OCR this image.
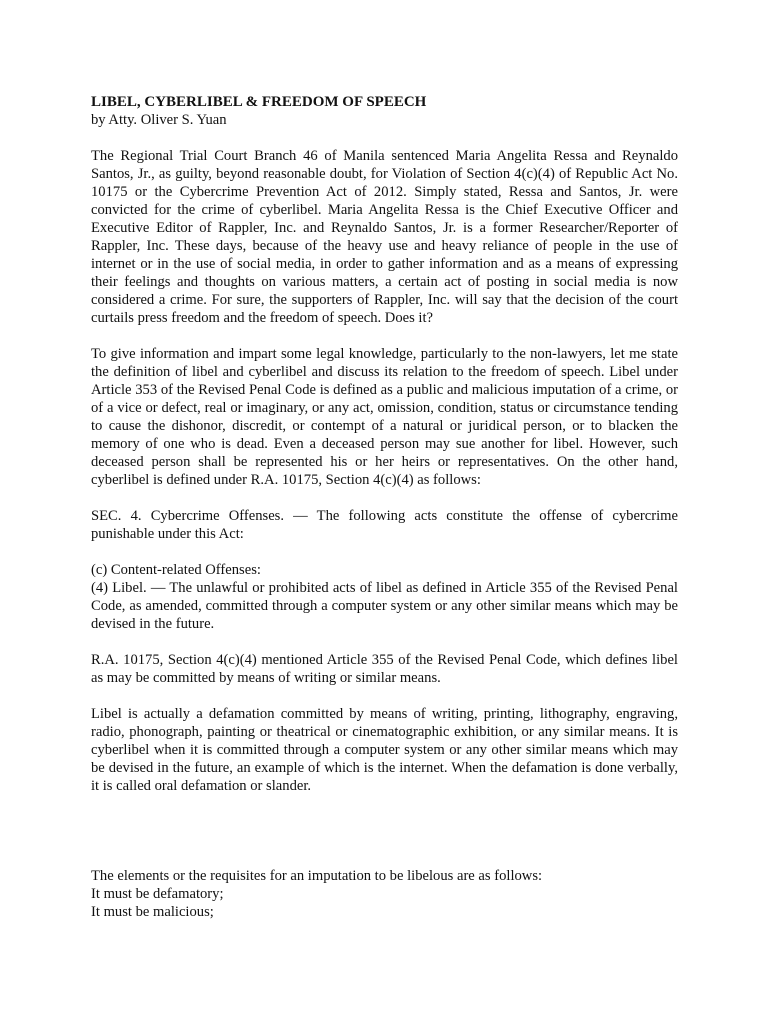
LIBEL, CYBERLIBEL & FREEDOM OF SPEECH
by Atty. Oliver S. Yuan

The Regional Trial Court Branch 46 of Manila sentenced Maria Angelita Ressa and Reynaldo Santos, Jr., as guilty, beyond reasonable doubt, for Violation of Section 4(c)(4) of Republic Act No. 10175 or the Cybercrime Prevention Act of 2012. Simply stated, Ressa and Santos, Jr. were convicted for the crime of cyberlibel. Maria Angelita Ressa is the Chief Executive Officer and Executive Editor of Rappler, Inc. and Reynaldo Santos, Jr. is a former Researcher/Reporter of Rappler, Inc. These days, because of the heavy use and heavy reliance of people in the use of internet or in the use of social media, in order to gather information and as a means of expressing their feelings and thoughts on various matters, a certain act of posting in social media is now considered a crime. For sure, the supporters of Rappler, Inc. will say that the decision of the court curtails press freedom and the freedom of speech. Does it?

To give information and impart some legal knowledge, particularly to the non-lawyers, let me state the definition of libel and cyberlibel and discuss its relation to the freedom of speech. Libel under Article 353 of the Revised Penal Code is defined as a public and malicious imputation of a crime, or of a vice or defect, real or imaginary, or any act, omission, condition, status or circumstance tending to cause the dishonor, discredit, or contempt of a natural or juridical person, or to blacken the memory of one who is dead. Even a deceased person may sue another for libel. However, such deceased person shall be represented his or her heirs or representatives. On the other hand, cyberlibel is defined under R.A. 10175, Section 4(c)(4) as follows:

SEC. 4. Cybercrime Offenses. — The following acts constitute the offense of cybercrime punishable under this Act:

(c) Content-related Offenses:

(4) Libel. — The unlawful or prohibited acts of libel as defined in Article 355 of the Revised Penal Code, as amended, committed through a computer system or any other similar means which may be devised in the future.

R.A. 10175, Section 4(c)(4) mentioned Article 355 of the Revised Penal Code, which defines libel as may be committed by means of writing or similar means.

Libel is actually a defamation committed by means of writing, printing, lithography, engraving, radio, phonograph, painting or theatrical or cinematographic exhibition, or any similar means. It is cyberlibel when it is committed through a computer system or any other similar means which may be devised in the future, an example of which is the internet. When the defamation is done verbally, it is called oral defamation or slander.

The elements or the requisites for an imputation to be libelous are as follows:
It must be defamatory;
It must be malicious;
